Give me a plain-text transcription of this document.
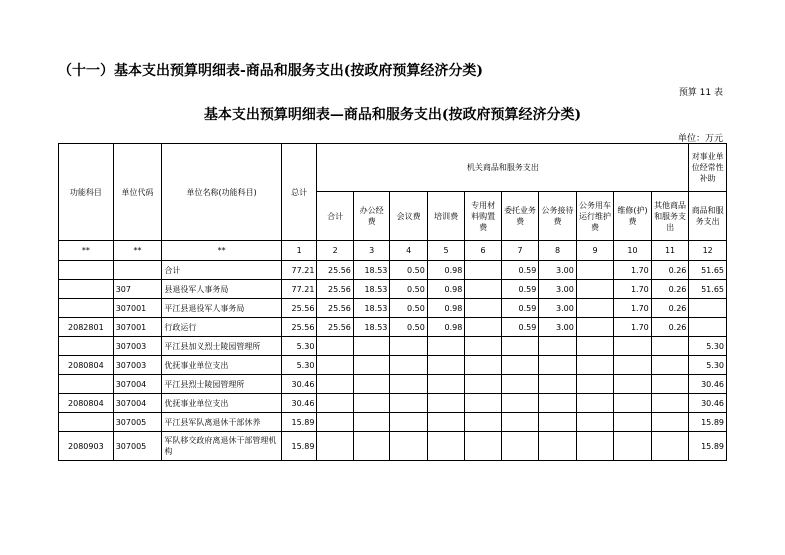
（十一）基本支出预算明细表-商品和服务支出(按政府预算经济分类)
预算 11 表
基本支出预算明细表—商品和服务支出(按政府预算经济分类)
单位：万元
功能科目	单位代码	单位名称(功能科目)	总计	机关商品和服务支出										对事业单位经常性补助
				合计	办公经费	会议费	培训费	专用材料购置费	委托业务费	公务接待费	公务用车运行维护费	维修(护)费	其他商品和服务支出	商品和服务支出
**	**	**	1	2	3	4	5	6	7	8	9	10	11	12
		合计	77.21	25.56	18.53	0.50	0.98		0.59	3.00		1.70	0.26	51.65
	307	县退役军人事务局	77.21	25.56	18.53	0.50	0.98		0.59	3.00		1.70	0.26	51.65
	307001	平江县退役军人事务局	25.56	25.56	18.53	0.50	0.98		0.59	3.00		1.70	0.26	
2082801	307001	行政运行	25.56	25.56	18.53	0.50	0.98		0.59	3.00		1.70	0.26	
	307003	平江县加义烈士陵园管理所	5.30											5.30
2080804	307003	优抚事业单位支出	5.30											5.30
	307004	平江县烈士陵园管理所	30.46											30.46
2080804	307004	优抚事业单位支出	30.46											30.46
	307005	平江县军队离退休干部休养	15.89											15.89
2080903	307005	军队移交政府离退休干部管理机构	15.89											15.89
